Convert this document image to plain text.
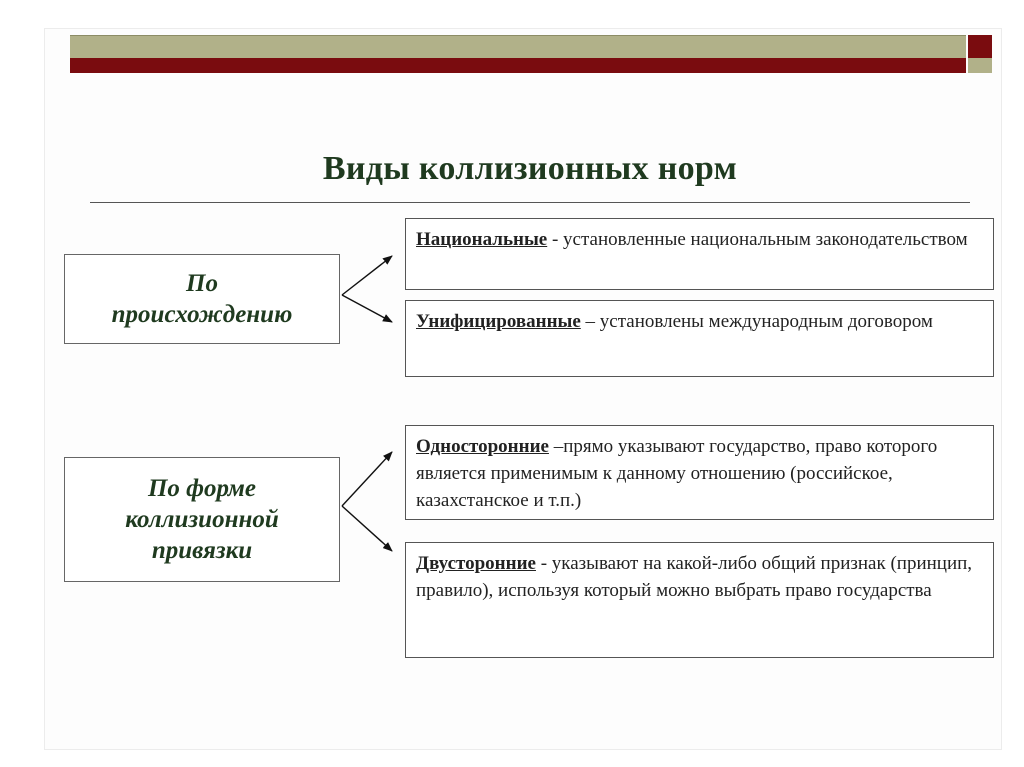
Виды коллизионных норм
По происхождению
По форме коллизионной привязки
Национальные - установленные национальным законодательством
Унифицированные – установлены международным договором
Односторонние –прямо указывают государство, право которого является применимым к данному отношению (российское, казахстанское и т.п.)
Двусторонние - указывают на какой-либо общий признак (принцип, правило), используя который можно выбрать право государства
